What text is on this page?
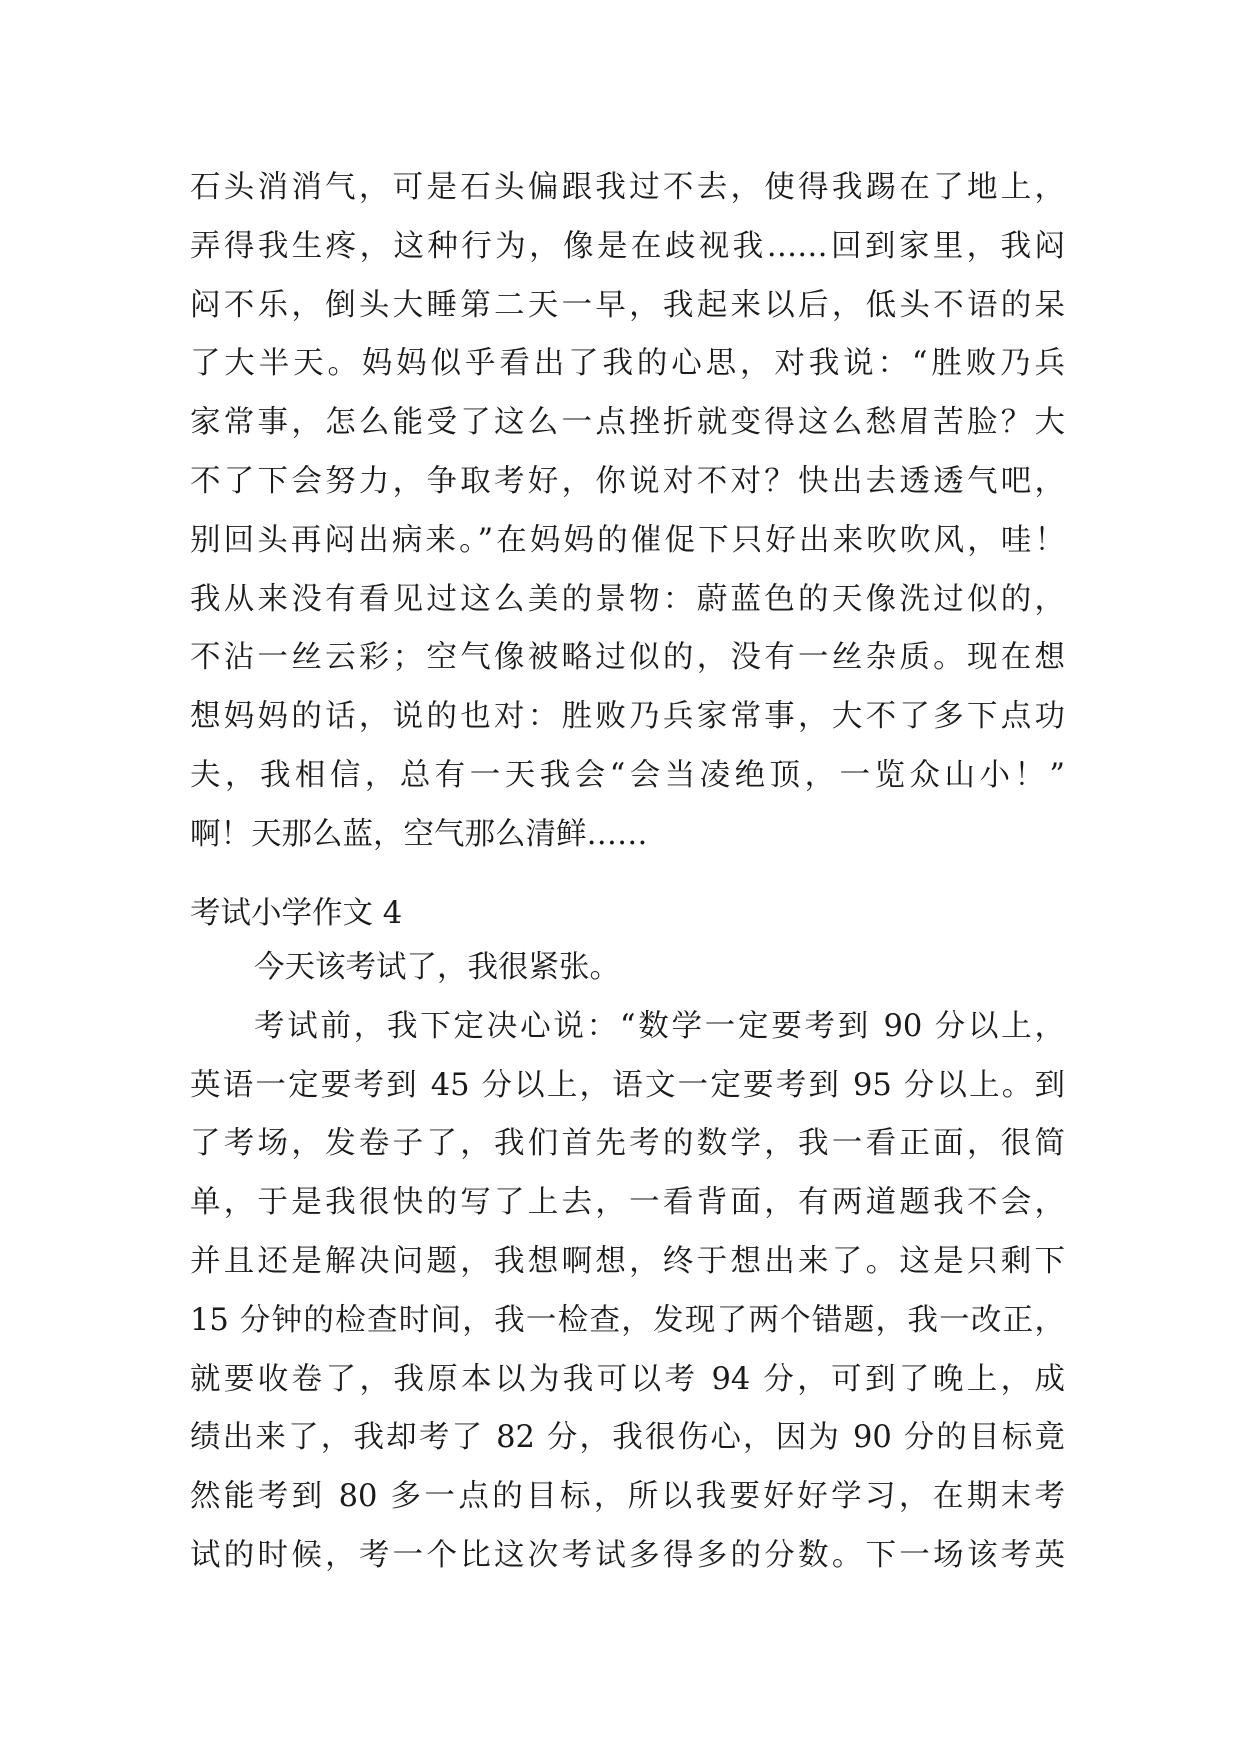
石头消消气，可是石头偏跟我过不去，使得我踢在了地上，
弄得我生疼，这种行为，像是在歧视我……回到家里，我闷
闷不乐，倒头大睡第二天一早，我起来以后，低头不语的呆
了大半天。妈妈似乎看出了我的心思，对我说：“胜败乃兵
家常事，怎么能受了这么一点挫折就变得这么愁眉苦脸？大
不了下会努力，争取考好，你说对不对？快出去透透气吧，
别回头再闷出病来。”在妈妈的催促下只好出来吹吹风，哇！
我从来没有看见过这么美的景物：蔚蓝色的天像洗过似的，
不沾一丝云彩；空气像被略过似的，没有一丝杂质。现在想
想妈妈的话，说的也对：胜败乃兵家常事，大不了多下点功
夫，我相信，总有一天我会“会当凌绝顶，一览众山小！”
啊！天那么蓝，空气那么清鲜……
考试小学作文 4
今天该考试了，我很紧张。
考试前，我下定决心说：“数学一定要考到 90 分以上，
英语一定要考到 45 分以上，语文一定要考到 95 分以上。到
了考场，发卷子了，我们首先考的数学，我一看正面，很简
单，于是我很快的写了上去，一看背面，有两道题我不会，
并且还是解决问题，我想啊想，终于想出来了。这是只剩下
15 分钟的检查时间，我一检查，发现了两个错题，我一改正，
就要收卷了，我原本以为我可以考 94 分，可到了晚上，成
绩出来了，我却考了 82 分，我很伤心，因为 90 分的目标竟
然能考到 80 多一点的目标，所以我要好好学习，在期末考
试的时候，考一个比这次考试多得多的分数。下一场该考英
